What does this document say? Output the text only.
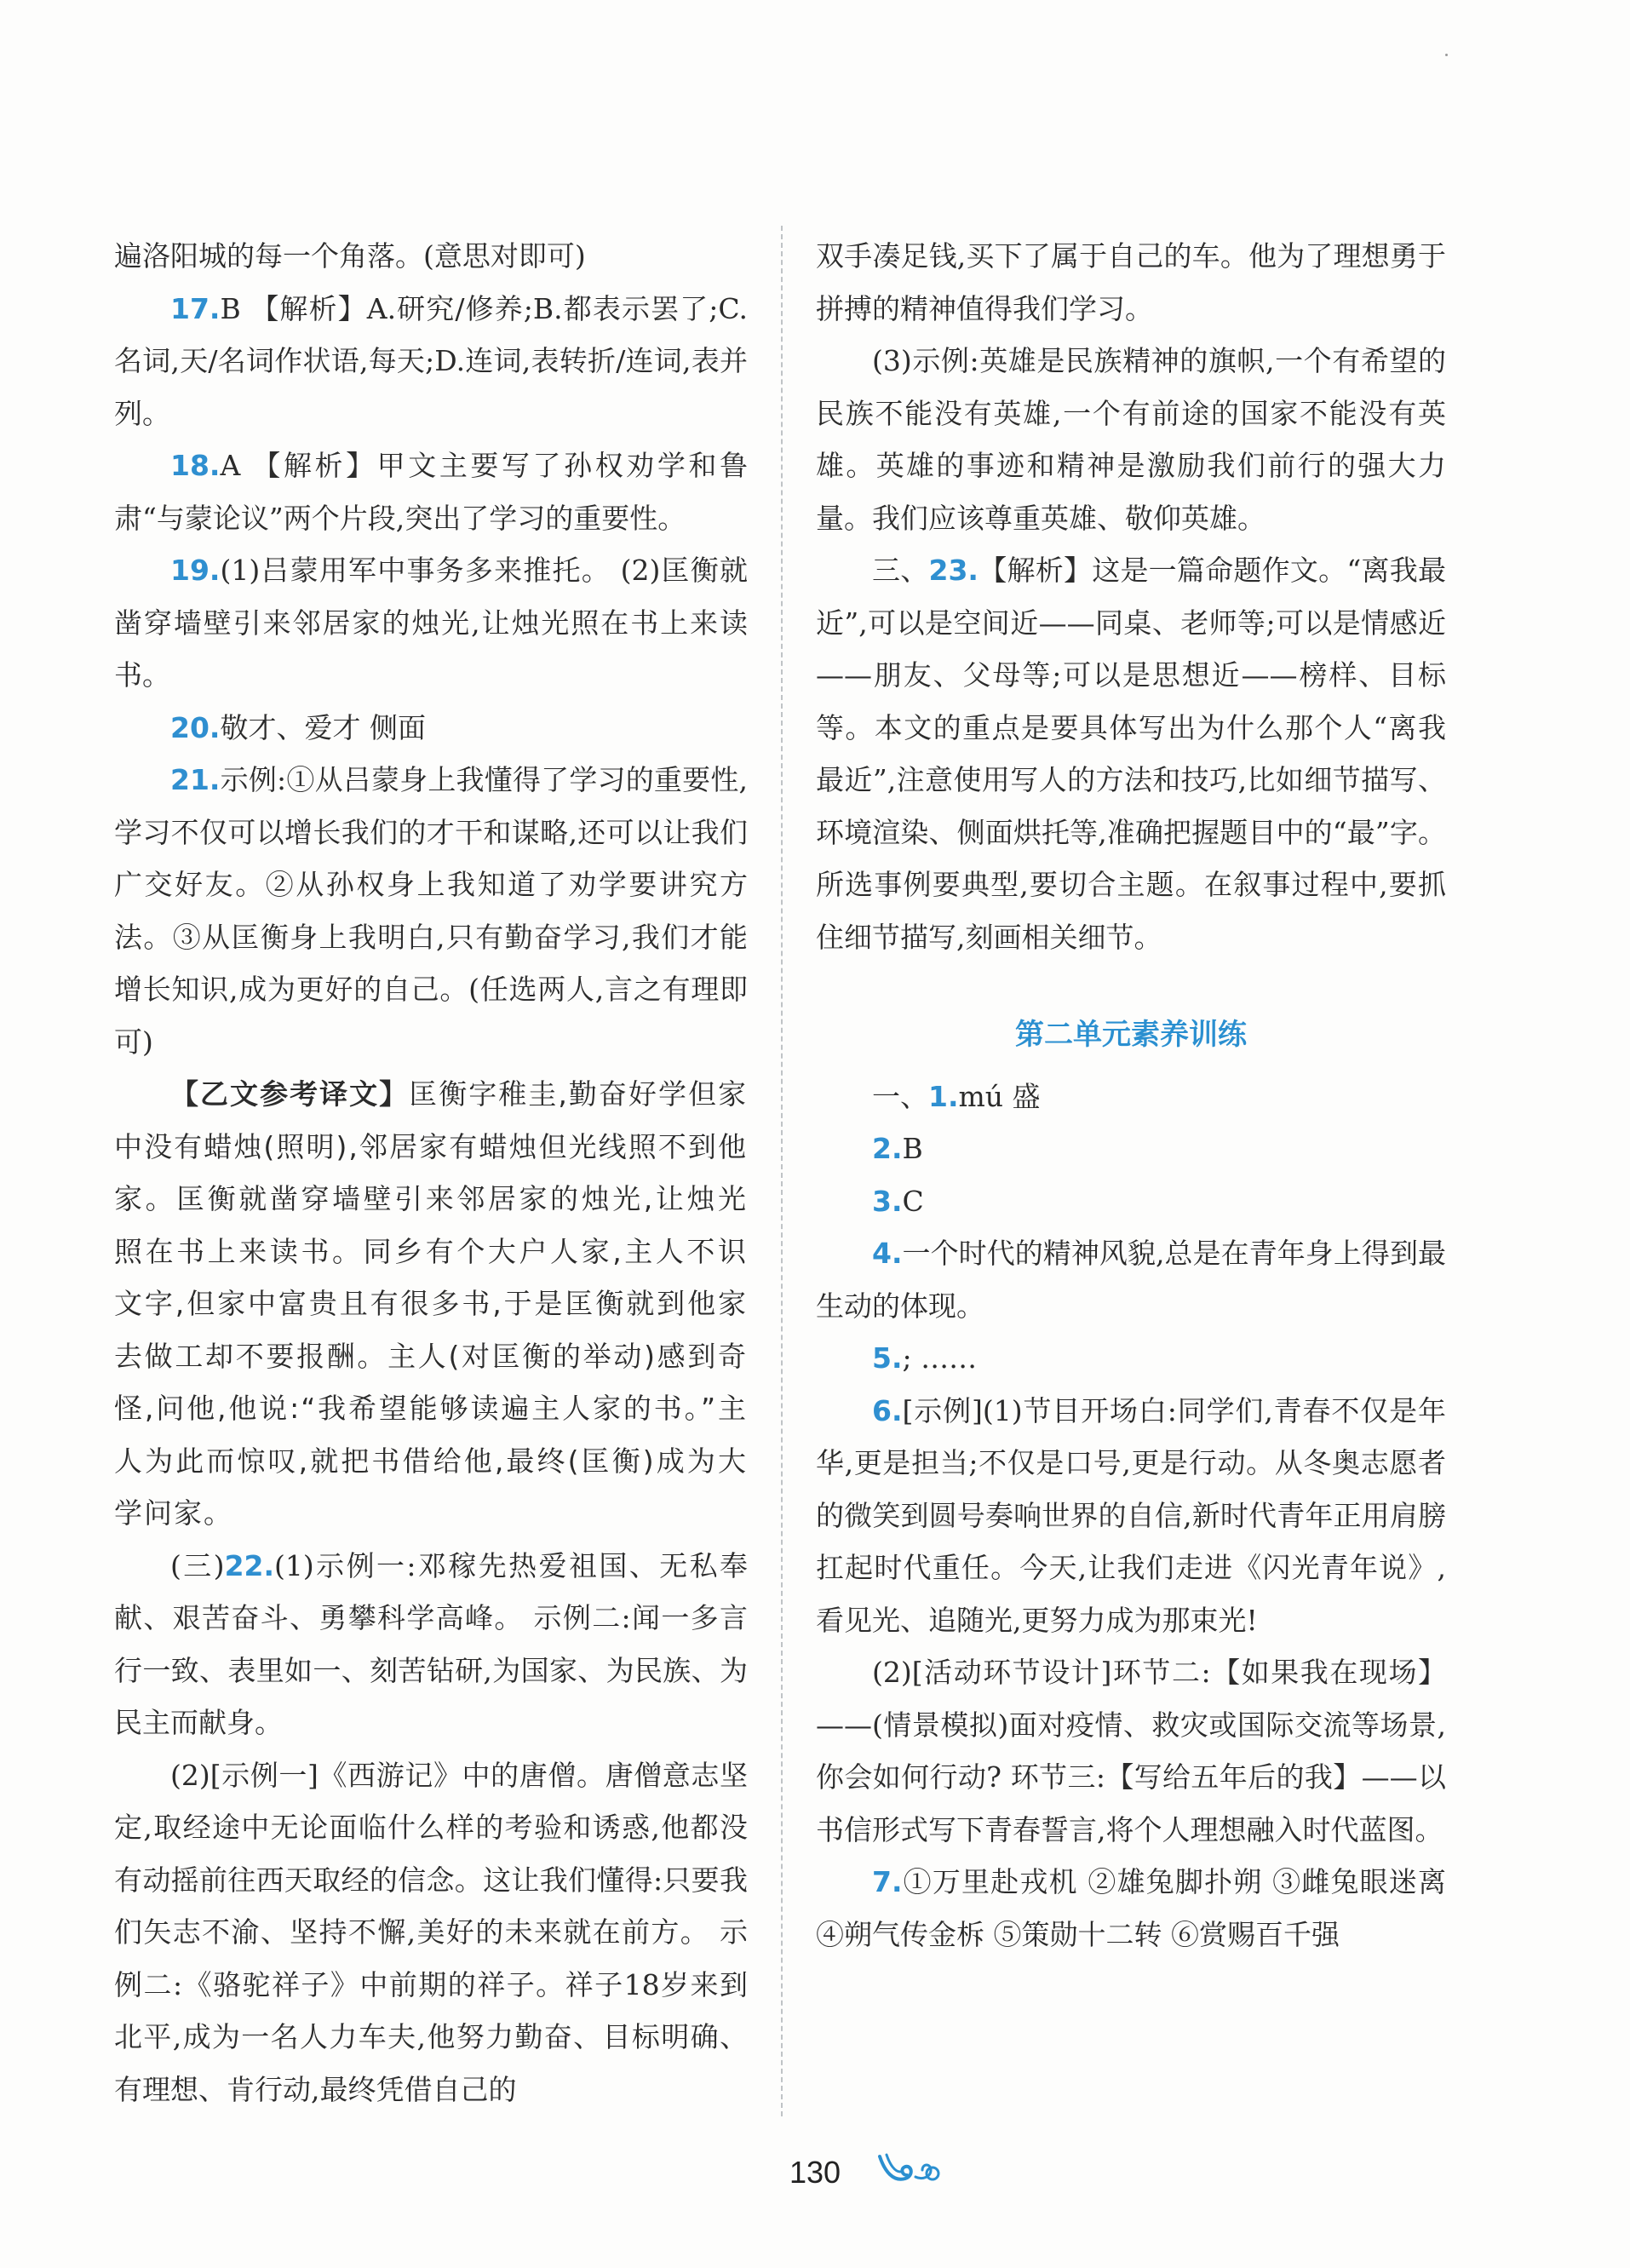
遍洛阳城的每一个角落。(意思对即可)

17.B 【解析】A.研究/修养;B.都表示罢了;C.名词,天/名词作状语,每天;D.连词,表转折/连词,表并列。

18.A 【解析】甲文主要写了孙权劝学和鲁肃“与蒙论议”两个片段,突出了学习的重要性。

19.(1)吕蒙用军中事务多来推托。 (2)匡衡就凿穿墙壁引来邻居家的烛光,让烛光照在书上来读书。

20.敬才、爱才 侧面

21.示例:①从吕蒙身上我懂得了学习的重要性,学习不仅可以增长我们的才干和谋略,还可以让我们广交好友。②从孙权身上我知道了劝学要讲究方法。③从匡衡身上我明白,只有勤奋学习,我们才能增长知识,成为更好的自己。(任选两人,言之有理即可)

【乙文参考译文】匡衡字稚圭,勤奋好学但家中没有蜡烛(照明),邻居家有蜡烛但光线照不到他家。匡衡就凿穿墙壁引来邻居家的烛光,让烛光照在书上来读书。同乡有个大户人家,主人不识文字,但家中富贵且有很多书,于是匡衡就到他家去做工却不要报酬。主人(对匡衡的举动)感到奇怪,问他,他说:“我希望能够读遍主人家的书。”主人为此而惊叹,就把书借给他,最终(匡衡)成为大学问家。

(三)22.(1)示例一:邓稼先热爱祖国、无私奉献、艰苦奋斗、勇攀科学高峰。 示例二:闻一多言行一致、表里如一、刻苦钻研,为国家、为民族、为民主而献身。

(2)[示例一]《西游记》中的唐僧。唐僧意志坚定,取经途中无论面临什么样的考验和诱惑,他都没有动摇前往西天取经的信念。这让我们懂得:只要我们矢志不渝、坚持不懈,美好的未来就在前方。 示例二:《骆驼祥子》中前期的祥子。祥子18岁来到北平,成为一名人力车夫,他努力勤奋、目标明确、有理想、肯行动,最终凭借自己的

双手凑足钱,买下了属于自己的车。他为了理想勇于拼搏的精神值得我们学习。

(3)示例:英雄是民族精神的旗帜,一个有希望的民族不能没有英雄,一个有前途的国家不能没有英雄。英雄的事迹和精神是激励我们前行的强大力量。我们应该尊重英雄、敬仰英雄。

三、23.【解析】这是一篇命题作文。“离我最近”,可以是空间近——同桌、老师等;可以是情感近——朋友、父母等;可以是思想近——榜样、目标等。本文的重点是要具体写出为什么那个人“离我最近”,注意使用写人的方法和技巧,比如细节描写、环境渲染、侧面烘托等,准确把握题目中的“最”字。所选事例要典型,要切合主题。在叙事过程中,要抓住细节描写,刻画相关细节。

第二单元素养训练

一、1.mú 盛

2.B

3.C

4.一个时代的精神风貌,总是在青年身上得到最生动的体现。

5.; ……

6.[示例](1)节目开场白:同学们,青春不仅是年华,更是担当;不仅是口号,更是行动。从冬奥志愿者的微笑到圆号奏响世界的自信,新时代青年正用肩膀扛起时代重任。今天,让我们走进《闪光青年说》,看见光、追随光,更努力成为那束光!

(2)[活动环节设计]环节二:【如果我在现场】——(情景模拟)面对疫情、救灾或国际交流等场景,你会如何行动? 环节三:【写给五年后的我】——以书信形式写下青春誓言,将个人理想融入时代蓝图。

7.①万里赴戎机 ②雄兔脚扑朔 ③雌兔眼迷离 ④朔气传金柝 ⑤策勋十二转 ⑥赏赐百千强

130
